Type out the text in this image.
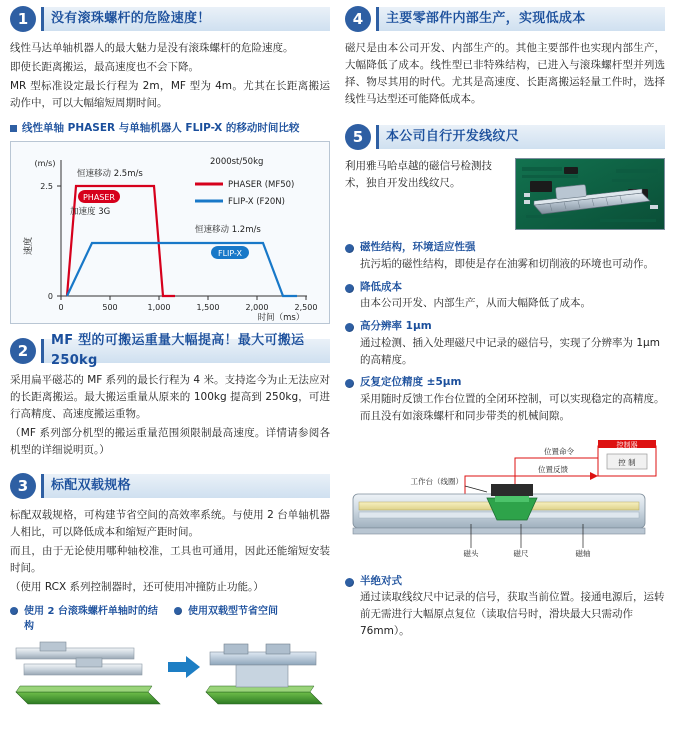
1	没有滚珠螺杆的危险速度！

线性马达单轴机器人的最大魅力是没有滚珠螺杆的危险速度。

即使长距离搬运，最高速度也不会下降。

MR 型标准设定最长行程为 2m，MF 型为 4m。尤其在长距离搬运动作中，可以大幅缩短周期时间。

线性单轴 PHASER 与单轴机器人 FLIP-X 的移动时间比较
0
2.5
速度
(m/s)
0	500	1,000	1,500	2,000	2,500
时间（ms）
恒速移动 2.5m/s
2000st/50kg
加速度 3G
恒速移动 1.2m/s
PHASER
FLIP-X
PHASER (MF50)
FLIP-X (F20N)
2
MF 型的可搬运重量大幅提高！最大可搬运 250kg

采用扁平磁芯的 MF 系列的最长行程为 4 米。支持迄今为止无法应对的长距离搬运。最大搬运重量从原来的 100kg 提高到 250kg，可进行高精度、高速度搬运重物。

（MF 系列部分机型的搬运重量范围须限制最高速度。详情请参阅各机型的详细说明页。）

3	标配双载规格

标配双载规格，可构建节省空间的高效率系统。与使用 2 台单轴机器人相比，可以降低成本和缩短产距时间。

而且，由于无论使用哪种轴校准，工具也可通用，因此还能缩短安装时间。

（使用 RCX 系列控制器时，还可使用冲撞防止功能。）

使用 2 台滚珠螺杆单轴时的结构
使用双载型节省空间
4	主要零部件内部生产，实现低成本

磁尺是由本公司开发、内部生产的。其他主要部件也实现内部生产，大幅降低了成本。线性型已非特殊结构，已进入与滚珠螺杆型并列选择、物尽其用的时代。尤其是高速度、长距离搬运轻量工件时，选择线性马达型还可能降低成本。

5	本公司自行开发线纹尺
利用雅马哈卓越的磁信号检测技术，独自开发出线纹尺。
磁性结构，环境适应性强
抗污垢的磁性结构，即使是存在油雾和切削液的环境也可动作。
降低成本
由本公司开发、内部生产，从而大幅降低了成本。
高分辨率 1μm
通过检测、插入处理磁尺中记录的磁信号，实现了分辨率为 1μm 的高精度。
反复定位精度 ±5μm
采用随时反馈工作台位置的全闭环控制，可以实现稳定的高精度。而且没有如滚珠螺杆和同步带类的机械间隙。
控制器
控 制
位置命令
位置反馈
工作台（线圈）
磁头	磁尺	磁轴
半绝对式
通过读取线纹尺中记录的信号，获取当前位置。接通电源后，运转前无需进行大幅原点复位（读取信号时，滑块最大只需动作76mm）。
